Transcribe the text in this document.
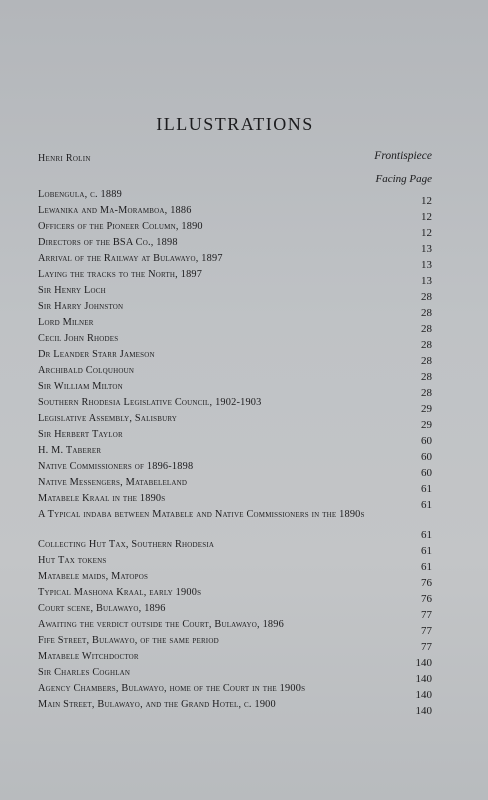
ILLUSTRATIONS
Henri Rolin	Frontispiece
Facing Page
Lobengula, c. 1889
12
Lewanika and Ma-Moramboa, 1886
12
Officers of the Pioneer Column, 1890
12
Directors of the BSA Co., 1898
13
Arrival of the Railway at Bulawayo, 1897
13
Laying the tracks to the North, 1897
13
Sir Henry Loch
28
Sir Harry Johnston
28
Lord Milner
28
Cecil John Rhodes
28
Dr Leander Starr Jameson
28
Archibald Colquhoun
28
Sir William Milton
28
Southern Rhodesia Legislative Council, 1902-1903
29
Legislative Assembly, Salisbury
29
Sir Herbert Taylor
60
H. M. Taberer
60
Native Commissioners of 1896-1898
60
Native Messengers, Matabeleland
61
Matabele Kraal in the 1890s
61
A Typical indaba between Matabele and Native Commissioners in the 1890s
61
Collecting Hut Tax, Southern Rhodesia
61
Hut Tax tokens
61
Matabele maids, Matopos
76
Typical Mashona Kraal, early 1900s
76
Court scene, Bulawayo, 1896
77
Awaiting the verdict outside the Court, Bulawayo, 1896
77
Fife Street, Bulawayo, of the same period
77
Matabele Witchdoctor
140
Sir Charles Coghlan
140
Agency Chambers, Bulawayo, home of the Court in the 1900s
140
Main Street, Bulawayo, and the Grand Hotel, c. 1900
140
